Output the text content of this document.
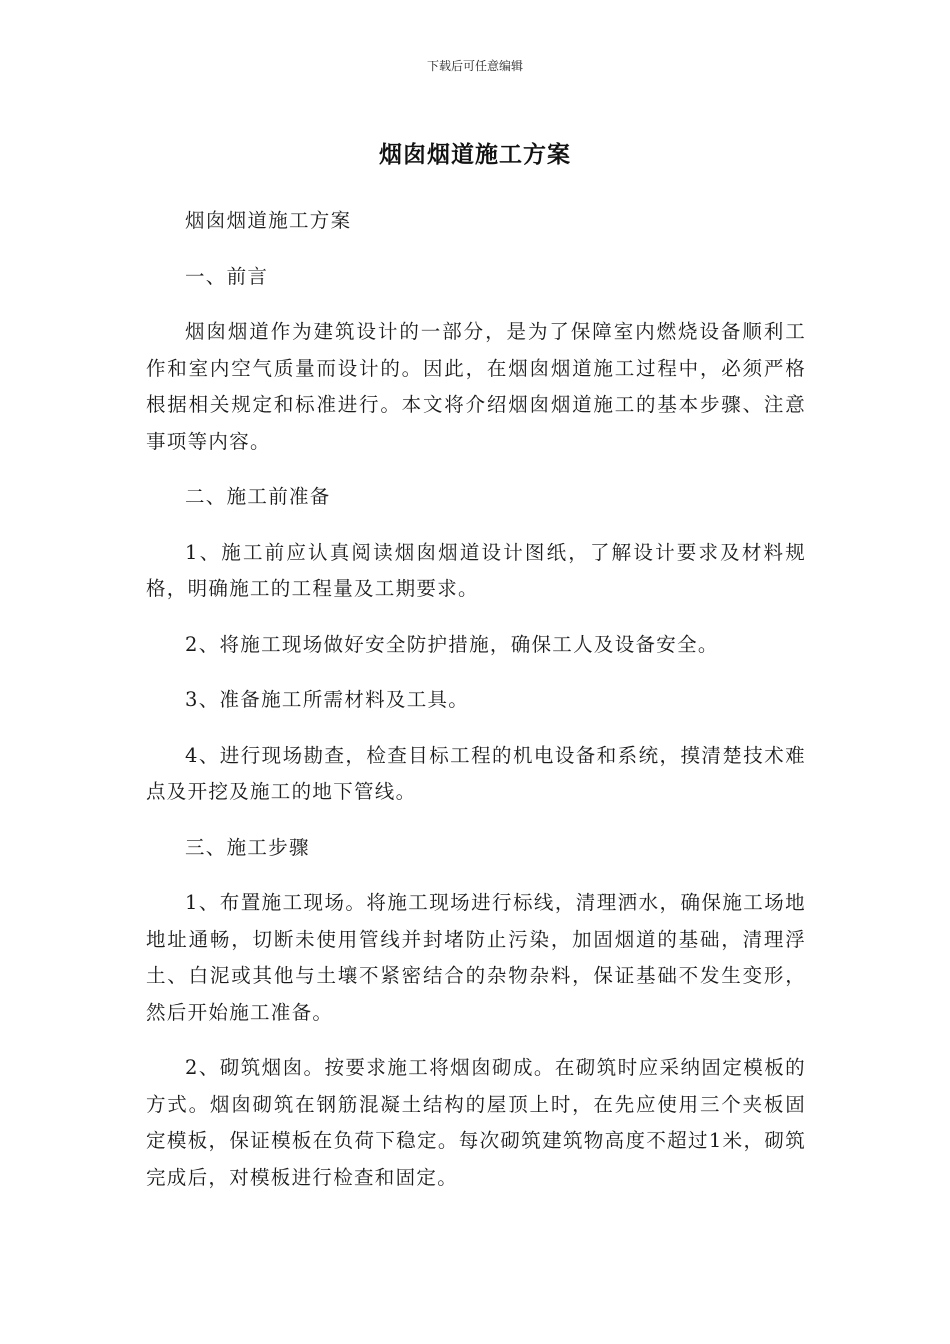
下载后可任意编辑
烟囱烟道施工方案

烟囱烟道施工方案

一、前言

烟囱烟道作为建筑设计的一部分，是为了保障室内燃烧设备顺利工作和室内空气质量而设计的。因此，在烟囱烟道施工过程中，必须严格根据相关规定和标准进行。本文将介绍烟囱烟道施工的基本步骤、注意事项等内容。

二、施工前准备

1、施工前应认真阅读烟囱烟道设计图纸，了解设计要求及材料规格，明确施工的工程量及工期要求。

2、将施工现场做好安全防护措施，确保工人及设备安全。

3、准备施工所需材料及工具。

4、进行现场勘查，检查目标工程的机电设备和系统，摸清楚技术难点及开挖及施工的地下管线。

三、施工步骤

1、布置施工现场。将施工现场进行标线，清理洒水，确保施工场地地址通畅，切断未使用管线并封堵防止污染，加固烟道的基础，清理浮土、白泥或其他与土壤不紧密结合的杂物杂料，保证基础不发生变形，然后开始施工准备。

2、砌筑烟囱。按要求施工将烟囱砌成。在砌筑时应采纳固定模板的方式。烟囱砌筑在钢筋混凝土结构的屋顶上时，在先应使用三个夹板固定模板，保证模板在负荷下稳定。每次砌筑建筑物高度不超过1米，砌筑完成后，对模板进行检查和固定。
